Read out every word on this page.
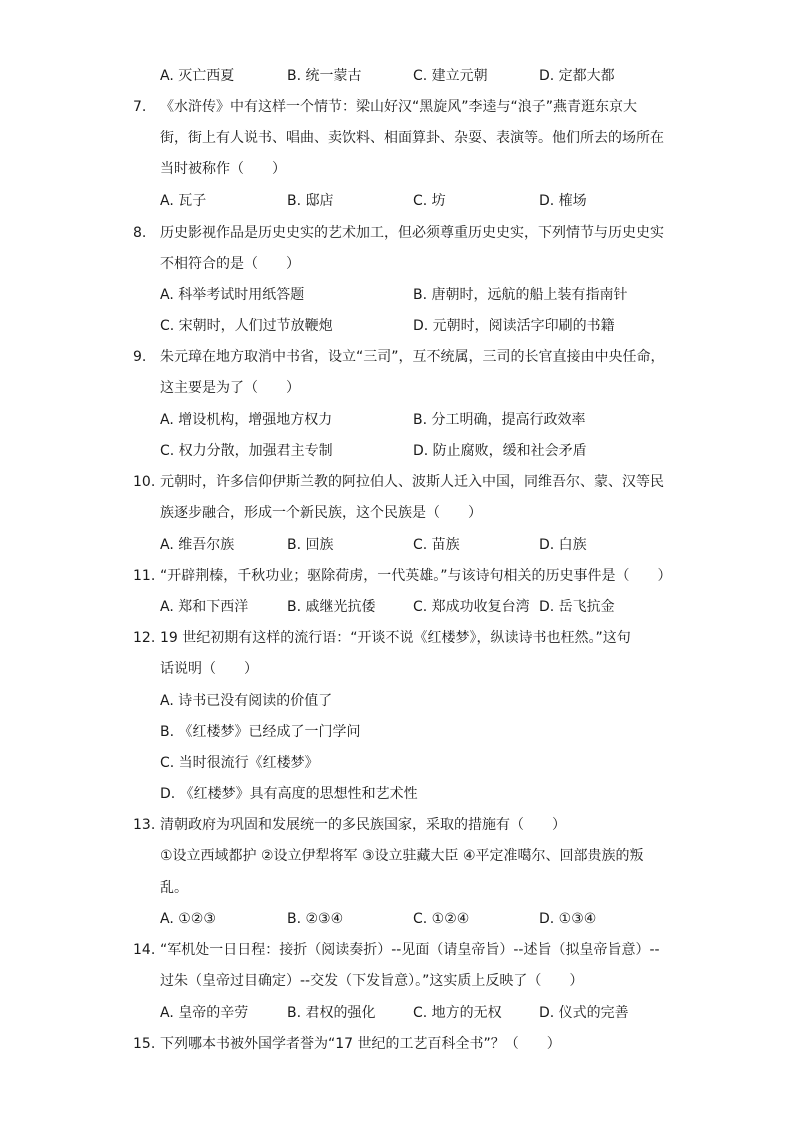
A. 灭亡西夏	B. 统一蒙古	C. 建立元朝	D. 定都大都
7. 《水浒传》中有这样一个情节：梁山好汉“黑旋风”李逵与“浪子”燕青逛东京大
街，街上有人说书、唱曲、卖饮料、相面算卦、杂耍、表演等。他们所去的场所在
当时被称作（　　）
A. 瓦子	B. 邸店	C. 坊	D. 榷场
8. 历史影视作品是历史史实的艺术加工，但必须尊重历史史实，下列情节与历史史实
不相符合的是（　　）
A. 科举考试时用纸答题	B. 唐朝时，远航的船上装有指南针
C. 宋朝时，人们过节放鞭炮	D. 元朝时，阅读活字印刷的书籍
9. 朱元璋在地方取消中书省，设立“三司”，互不统属，三司的长官直接由中央任命，
这主要是为了（　　）
A. 增设机构，增强地方权力	B. 分工明确，提高行政效率
C. 权力分散，加强君主专制	D. 防止腐败，缓和社会矛盾
10. 元朝时，许多信仰伊斯兰教的阿拉伯人、波斯人迁入中国，同维吾尔、蒙、汉等民
族逐步融合，形成一个新民族，这个民族是（　　）
A. 维吾尔族	B. 回族	C. 苗族	D. 白族
11. “开辟荆榛，千秋功业；驱除荷虏，一代英雄。”与该诗句相关的历史事件是（　　）
A. 郑和下西洋	B. 戚继光抗倭	C. 郑成功收复台湾 D. 岳飞抗金
12. 19 世纪初期有这样的流行语：“开谈不说《红楼梦》，纵读诗书也枉然。”这句
话说明（　　）
A. 诗书已没有阅读的价值了
B. 《红楼梦》已经成了一门学问
C. 当时很流行《红楼梦》
D. 《红楼梦》具有高度的思想性和艺术性
13. 清朝政府为巩固和发展统一的多民族国家，采取的措施有（　　）
①设立西域都护 ②设立伊犁将军 ③设立驻藏大臣 ④平定准噶尔、回部贵族的叛
乱。
A. ①②③	B. ②③④	C. ①②④	D. ①③④
14. “军机处一日日程：接折（阅读奏折）--见面（请皇帝旨）--述旨（拟皇帝旨意）--
过朱（皇帝过目确定）--交发（下发旨意）。”这实质上反映了（　　）
A. 皇帝的辛劳	B. 君权的强化	C. 地方的无权	D. 仪式的完善
15. 下列哪本书被外国学者誉为“17 世纪的工艺百科全书”？（　　）
